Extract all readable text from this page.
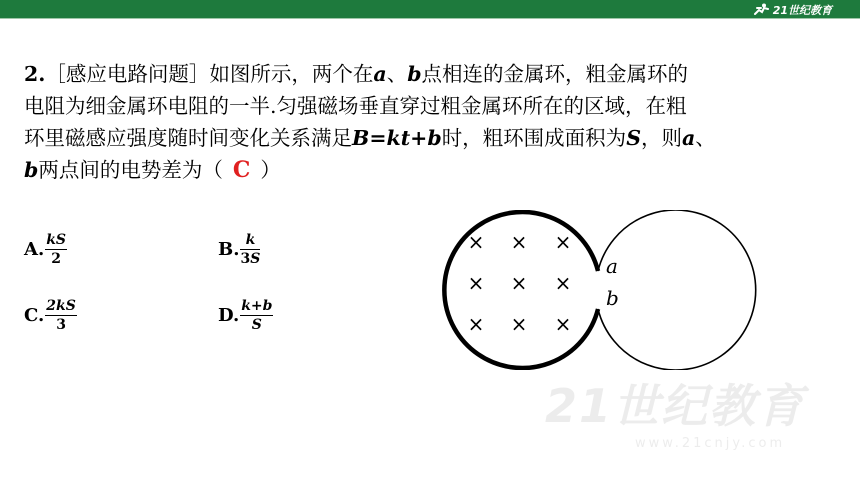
21世纪教育
2.［感应电路问题］如图所示，两个在a、b点相连的金属环，粗金属环的
电阻为细金属环电阻的一半.匀强磁场垂直穿过粗金属环所在的区域，在粗
环里磁感应强度随时间变化关系满足B=kt+b时，粗环围成面积为S，则a、
b两点间的电势差为（ C ）
A. $\frac{kS}{2}$	B. $\frac{k}{3S}$
C. $\frac{2kS}{3}$	D. $\frac{k+b}{S}$
× × ×
× × ×
× × ×
a
b
21世纪教育
www.21cnjy.com
